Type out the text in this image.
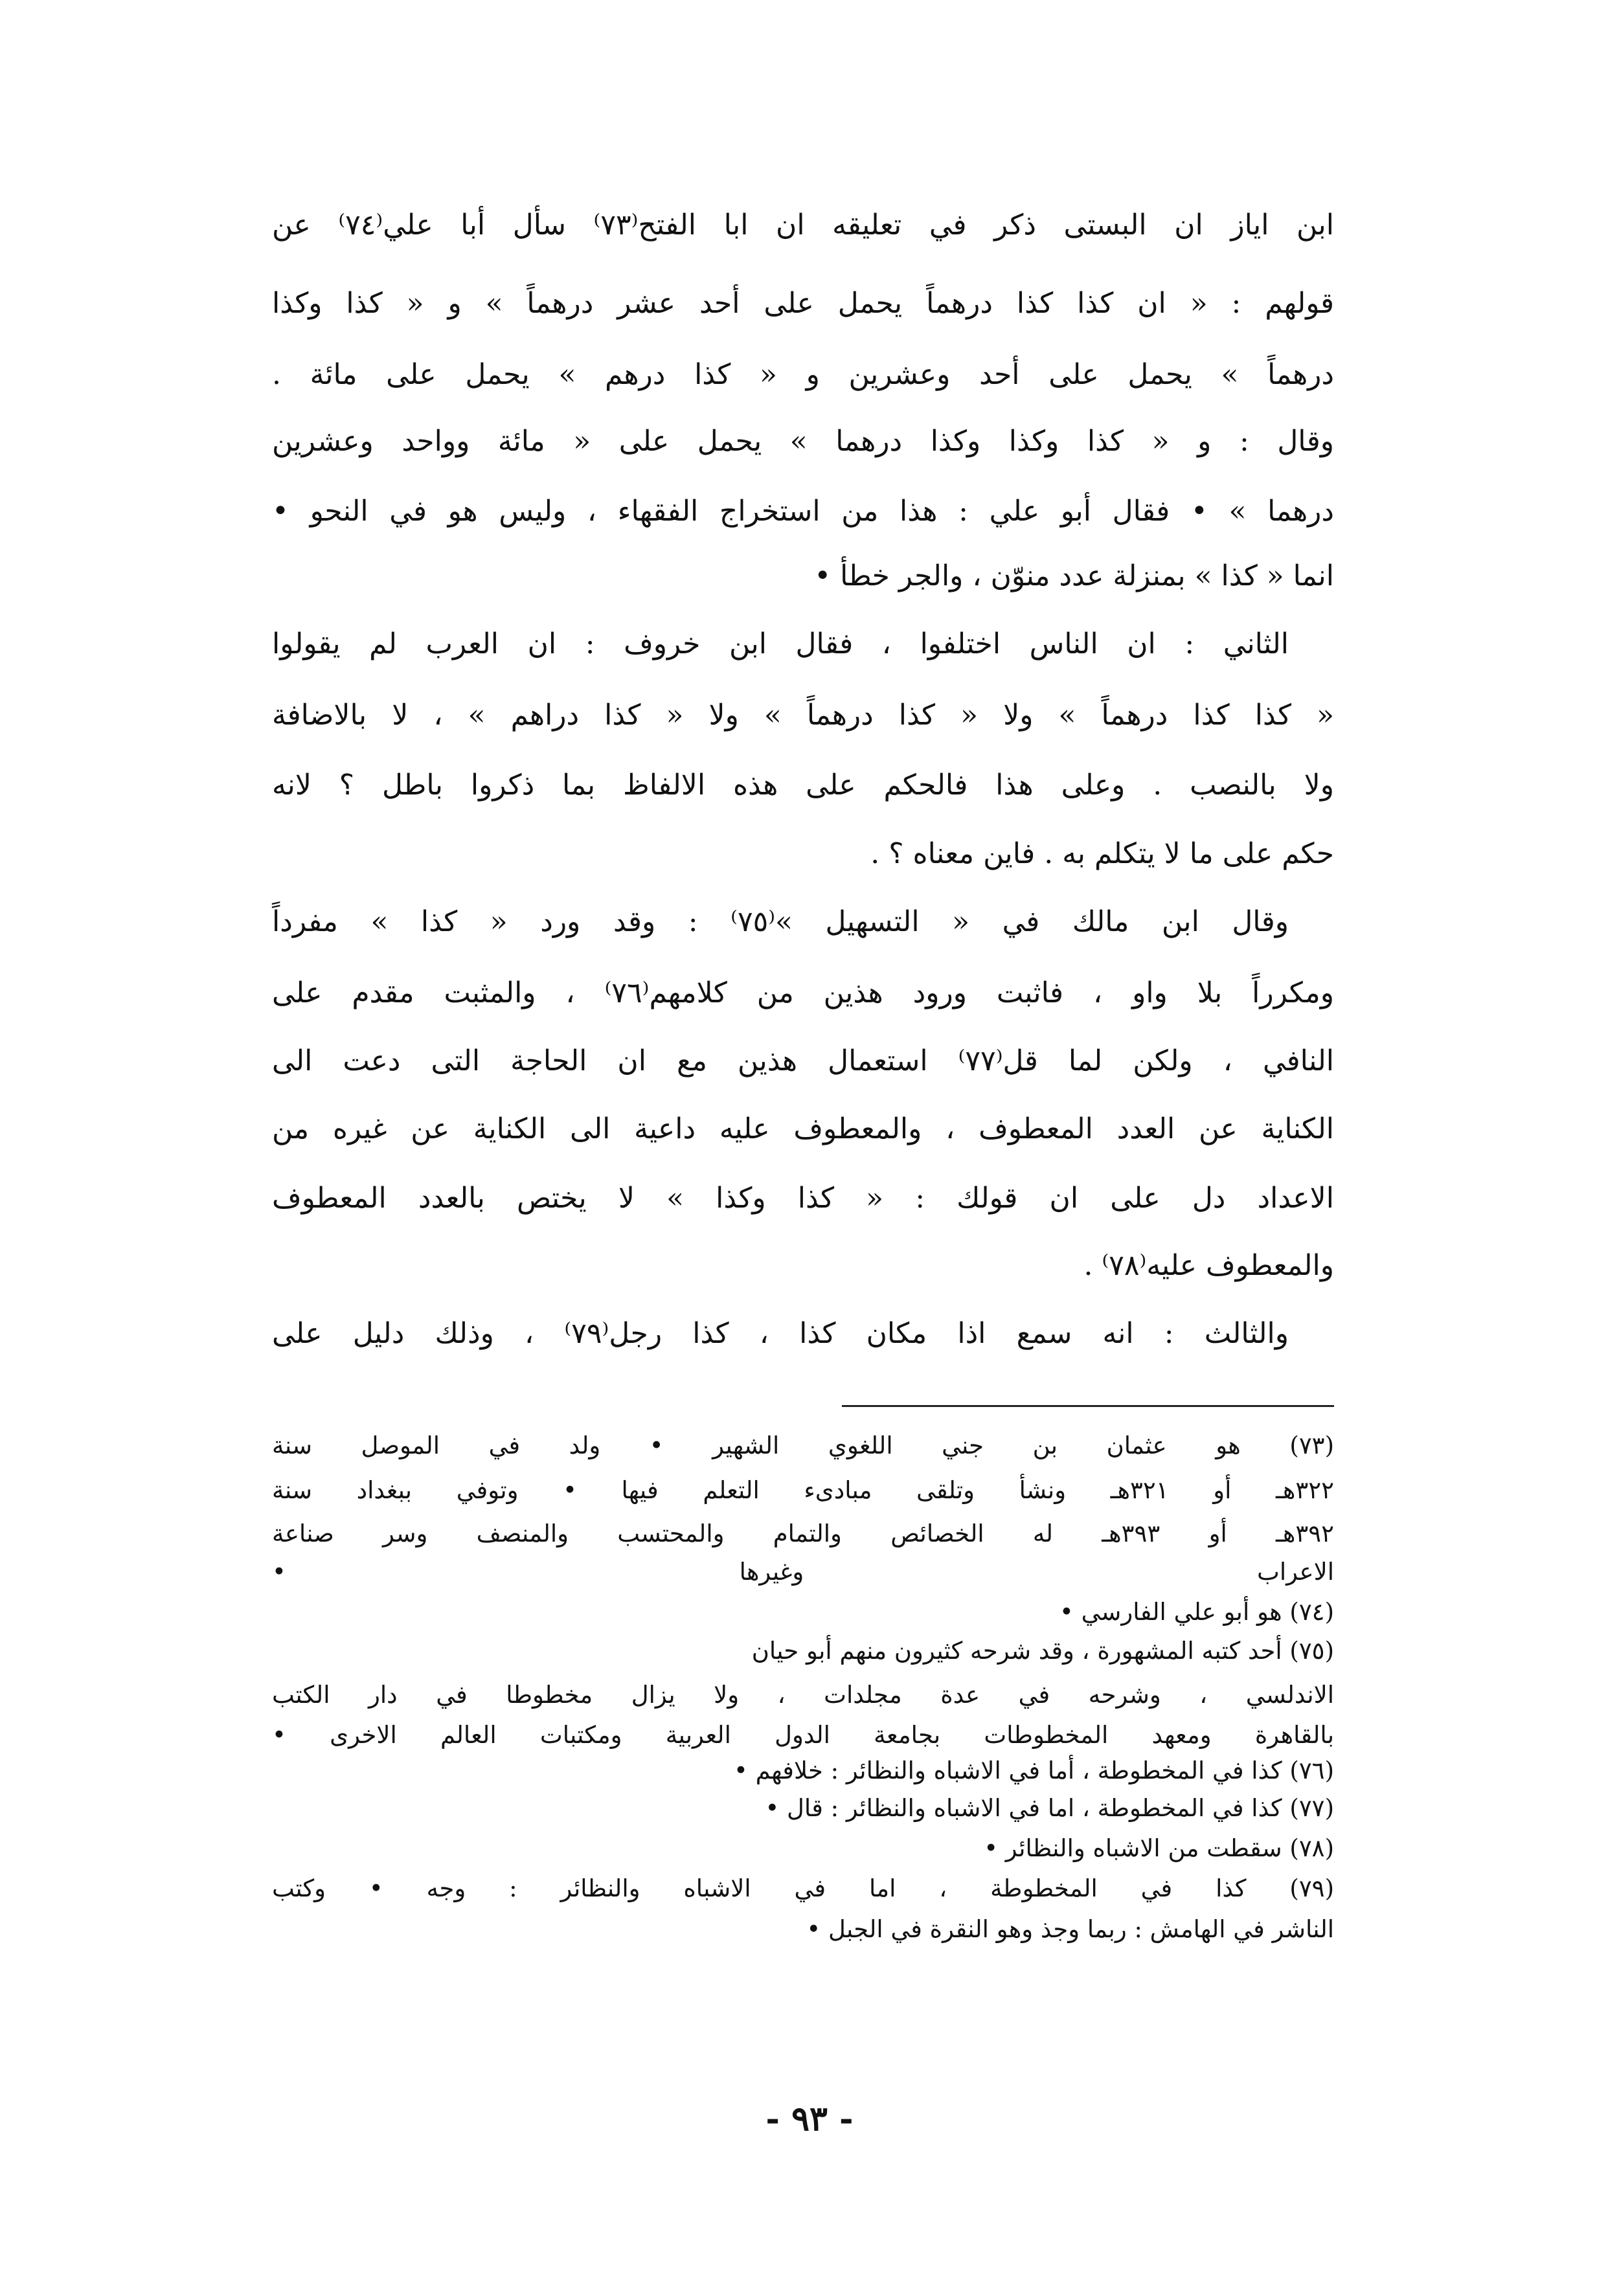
ابن اياز ان البستى ذكر في تعليقه ان ابا الفتح⁽٧٣⁾ سأل أبا علي⁽٧٤⁾ عن
قولهم : « ان كذا كذا درهماً يحمل على أحد عشر درهماً » و « كذا وكذا
درهماً » يحمل على أحد وعشرين و « كذا درهم » يحمل على مائة .
وقال : و « كذا وكذا وكذا درهما » يحمل على « مائة وواحد وعشرين
درهما » • فقال أبو علي : هذا من استخراج الفقهاء ، وليس هو في النحو •
انما « كذا » بمنزلة عدد منوّن ، والجر خطأ •
الثاني : ان الناس اختلفوا ، فقال ابن خروف : ان العرب لم يقولوا
« كذا كذا درهماً » ولا « كذا درهماً » ولا « كذا دراهم » ، لا بالاضافة
ولا بالنصب . وعلى هذا فالحكم على هذه الالفاظ بما ذكروا باطل ؟ لانه
حكم على ما لا يتكلم به . فاين معناه ؟ .
وقال ابن مالك في « التسهيل »⁽٧٥⁾ : وقد ورد « كذا » مفرداً
ومكرراً بلا واو ، فاثبت ورود هذين من كلامهم⁽٧٦⁾ ، والمثبت مقدم على
النافي ، ولكن لما قل⁽٧٧⁾ استعمال هذين مع ان الحاجة التى دعت الى
الكناية عن العدد المعطوف ، والمعطوف عليه داعية الى الكناية عن غيره من
الاعداد دل على ان قولك : « كذا وكذا » لا يختص بالعدد المعطوف
والمعطوف عليه⁽٧٨⁾ .
والثالث : انه سمع اذا مكان كذا ، كذا رجل⁽٧٩⁾ ، وذلك دليل على
(٧٣) هو عثمان بن جني اللغوي الشهير • ولد في الموصل سنة
٣٢٢هـ أو ٣٢١هـ ونشأ وتلقى مبادىء التعلم فيها • وتوفي ببغداد سنة
٣٩٢هـ أو ٣٩٣هـ له الخصائص والتمام والمحتسب والمنصف وسر صناعة
الاعراب وغيرها •
(٧٤) هو أبو علي الفارسي •
(٧٥) أحد كتبه المشهورة ، وقد شرحه كثيرون منهم أبو حيان
الاندلسي ، وشرحه في عدة مجلدات ، ولا يزال مخطوطا في دار الكتب
بالقاهرة ومعهد المخطوطات بجامعة الدول العربية ومكتبات العالم الاخرى •
(٧٦) كذا في المخطوطة ، أما في الاشباه والنظائر : خلافهم •
(٧٧) كذا في المخطوطة ، اما في الاشباه والنظائر : قال •
(٧٨) سقطت من الاشباه والنظائر •
(٧٩) كذا في المخطوطة ، اما في الاشباه والنظائر : وجه • وكتب
الناشر في الهامش : ربما وجذ وهو النقرة في الجبل •
- ٩٣ -
